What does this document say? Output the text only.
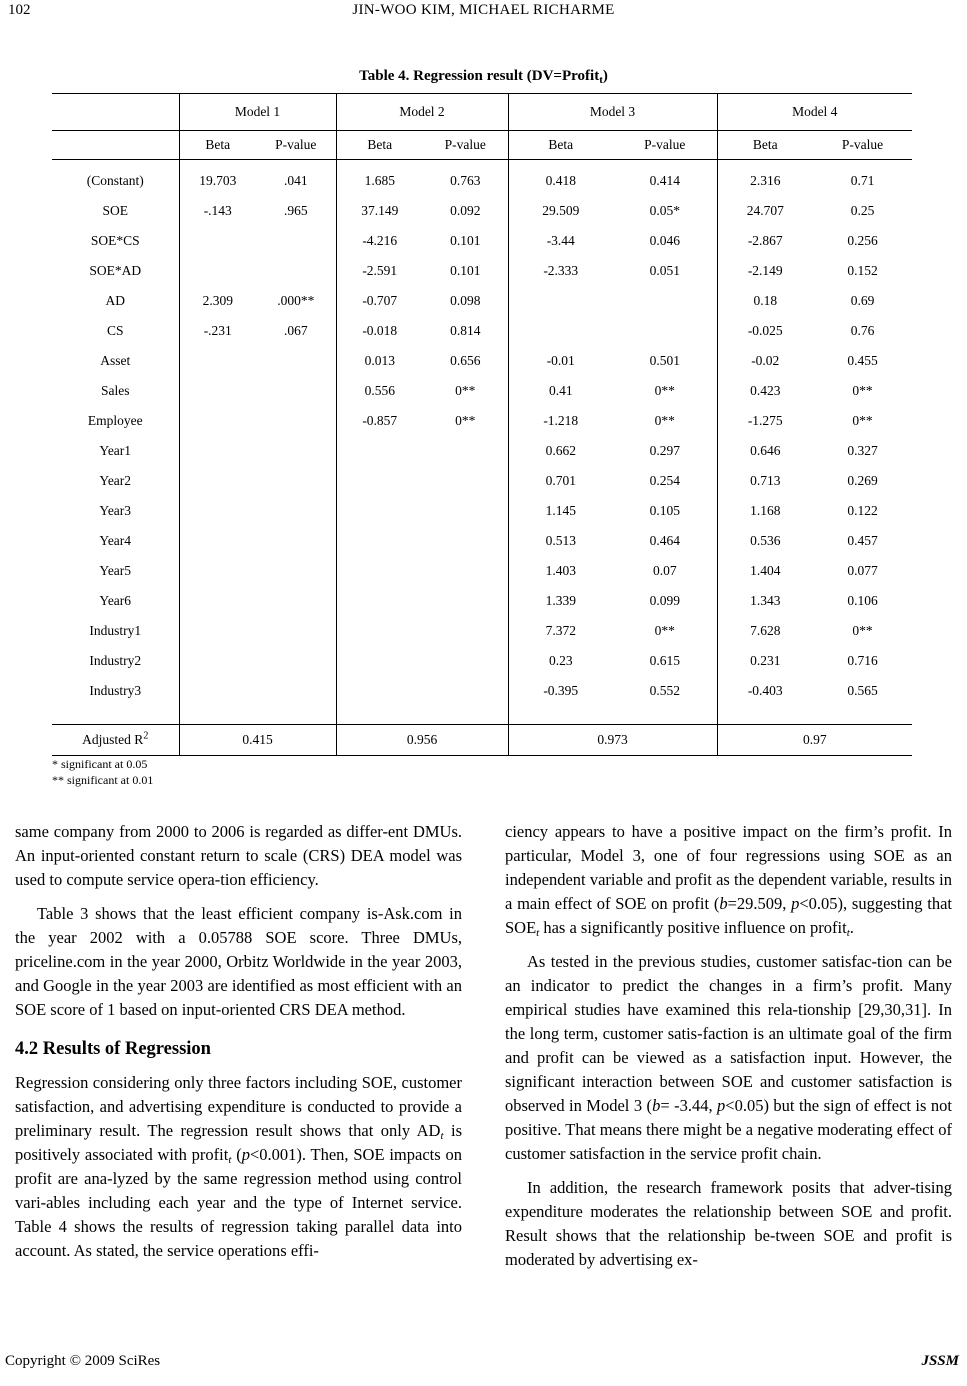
102	JIN-WOO KIM, MICHAEL RICHARME
Table 4. Regression result (DV=Profit$_t$)
	Model 1		Model 2		Model 3		Model 4	
	Beta	P-value	Beta	P-value	Beta	P-value	Beta	P-value
(Constant)	19.703	.041	1.685	0.763	0.418	0.414	2.316	0.71
SOE	-.143	.965	37.149	0.092	29.509	0.05*	24.707	0.25
SOE*CS			-4.216	0.101	-3.44	0.046	-2.867	0.256
SOE*AD			-2.591	0.101	-2.333	0.051	-2.149	0.152
AD	2.309	.000**	-0.707	0.098			0.18	0.69
CS	-.231	.067	-0.018	0.814			-0.025	0.76
Asset			0.013	0.656	-0.01	0.501	-0.02	0.455
Sales			0.556	0**	0.41	0**	0.423	0**
Employee			-0.857	0**	-1.218	0**	-1.275	0**
Year1					0.662	0.297	0.646	0.327
Year2					0.701	0.254	0.713	0.269
Year3					1.145	0.105	1.168	0.122
Year4					0.513	0.464	0.536	0.457
Year5					1.403	0.07	1.404	0.077
Year6					1.339	0.099	1.343	0.106
Industry1					7.372	0**	7.628	0**
Industry2					0.23	0.615	0.231	0.716
Industry3					-0.395	0.552	-0.403	0.565

Adjusted $R^2$	0.415		0.956		0.973		0.97	
* significant at 0.05
** significant at 0.01

same company from 2000 to 2006 is regarded as differ-ent DMUs. An input-oriented constant return to scale (CRS) DEA model was used to compute service opera-tion efficiency.

Table 3 shows that the least efficient company is-Ask.com in the year 2002 with a 0.05788 SOE score. Three DMUs, priceline.com in the year 2000, Orbitz Worldwide in the year 2003, and Google in the year 2003 are identified as most efficient with an SOE score of 1 based on input-oriented CRS DEA method.

4.2 Results of Regression

Regression considering only three factors including SOE, customer satisfaction, and advertising expenditure is conducted to provide a preliminary result. The regression result shows that only $AD_t$ is positively associated with profit$_t$ (p<0.001). Then, SOE impacts on profit are ana-lyzed by the same regression method using control vari-ables including each year and the type of Internet service. Table 4 shows the results of regression taking parallel data into account. As stated, the service operations effi-

ciency appears to have a positive impact on the firm’s profit. In particular, Model 3, one of four regressions using SOE as an independent variable and profit as the dependent variable, results in a main effect of SOE on profit (b=29.509, p<0.05), suggesting that $SOE_t$ has a significantly positive influence on profit$_t$.

As tested in the previous studies, customer satisfac-tion can be an indicator to predict the changes in a firm’s profit. Many empirical studies have examined this rela-tionship [29,30,31]. In the long term, customer satis-faction is an ultimate goal of the firm and profit can be viewed as a satisfaction input. However, the significant interaction between SOE and customer satisfaction is observed in Model 3 (b= -3.44, p<0.05) but the sign of effect is not positive. That means there might be a negative moderating effect of customer satisfaction in the service profit chain.

In addition, the research framework posits that adver-tising expenditure moderates the relationship between SOE and profit. Result shows that the relationship be-tween SOE and profit is moderated by advertising ex-

Copyright © 2009 SciRes	JSSM
